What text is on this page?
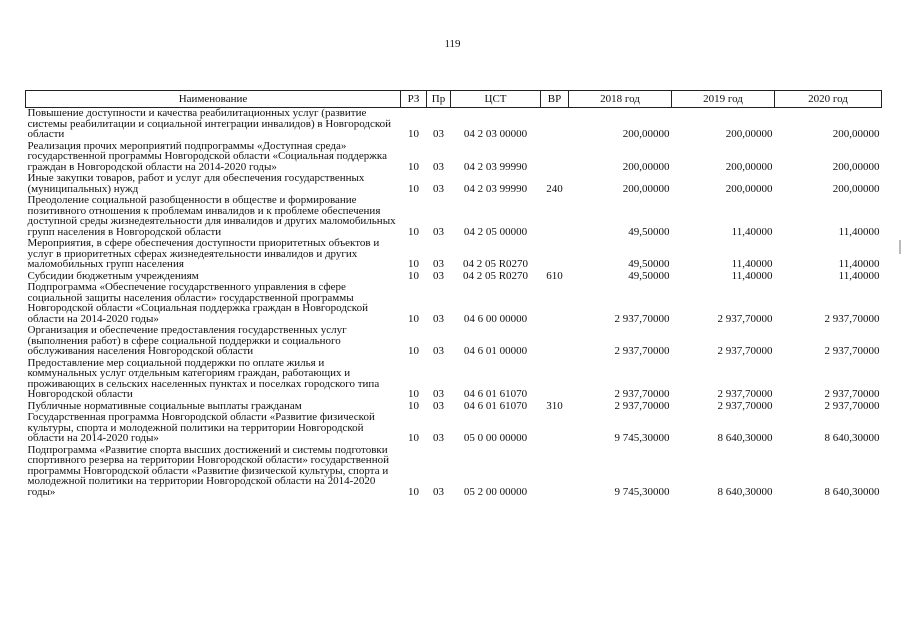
119
Наименование	РЗ	Пр	ЦСТ	ВР	2018 год	2019 год	2020 год
Повышение доступности и качества реабилитационных услуг (развитие системы реабилитации и социальной интеграции инвалидов) в Новгородской области	10	03	04 2 03 00000		200,00000	200,00000	200,00000
Реализация прочих мероприятий подпрограммы «Доступная среда» государственной программы Новгородской области «Социальная поддержка граждан в Новгородской области на 2014-2020 годы»	10	03	04 2 03 99990		200,00000	200,00000	200,00000
Иные закупки товаров, работ и услуг для обеспечения государственных (муниципальных) нужд	10	03	04 2 03 99990	240	200,00000	200,00000	200,00000
Преодоление социальной разобщенности в обществе и формирование позитивного отношения к проблемам инвалидов и к проблеме обеспечения доступной среды жизнедеятельности для инвалидов и других маломобильных групп населения в Новгородской области	10	03	04 2 05 00000		49,50000	11,40000	11,40000
Мероприятия, в сфере обеспечения доступности приоритетных объектов и услуг в приоритетных сферах жизнедеятельности инвалидов и других маломобильных групп населения	10	03	04 2 05 R0270		49,50000	11,40000	11,40000
Субсидии бюджетным учреждениям	10	03	04 2 05 R0270	610	49,50000	11,40000	11,40000
Подпрограмма «Обеспечение государственного управления в сфере социальной защиты населения области» государственной программы Новгородской области «Социальная поддержка граждан в Новгородской области на 2014-2020 годы»	10	03	04 6 00 00000		2 937,70000	2 937,70000	2 937,70000
Организация и обеспечение предоставления государственных услуг (выполнения работ) в сфере социальной поддержки и социального обслуживания населения Новгородской области	10	03	04 6 01 00000		2 937,70000	2 937,70000	2 937,70000
Предоставление мер социальной поддержки по оплате жилья и коммунальных услуг отдельным категориям граждан, работающих и проживающих в сельских населенных пунктах и поселках городского типа Новгородской области	10	03	04 6 01 61070		2 937,70000	2 937,70000	2 937,70000
Публичные нормативные социальные выплаты гражданам	10	03	04 6 01 61070	310	2 937,70000	2 937,70000	2 937,70000
Государственная программа Новгородской области «Развитие физической культуры, спорта и молодежной политики на территории Новгородской области на 2014-2020 годы»	10	03	05 0 00 00000		9 745,30000	8 640,30000	8 640,30000
Подпрограмма «Развитие спорта высших достижений и системы подготовки спортивного резерва на территории Новгородской области» государственной программы Новгородской области «Развитие физической культуры, спорта и молодежной политики на территории Новгородской области на 2014-2020 годы»	10	03	05 2 00 00000		9 745,30000	8 640,30000	8 640,30000
